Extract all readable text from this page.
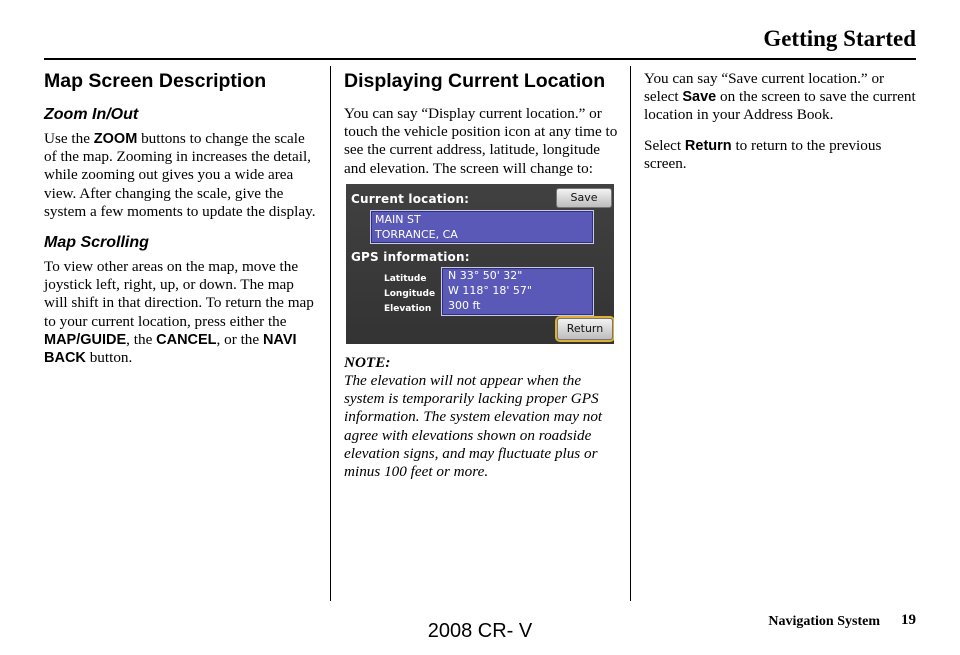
Getting Started
Map Screen Description
Zoom In/Out

Use the ZOOM buttons to change the scale of the map. Zooming in increases the detail, while zooming out gives you a wide area view. After changing the scale, give the system a few moments to update the display.

Map Scrolling

To view other areas on the map, move the joystick left, right, up, or down. The map will shift in that direction. To return the map to your current location, press either the MAP/GUIDE, the CANCEL, or the NAVI BACK button.

Displaying Current Location

You can say “Display current location.” or touch the vehicle position icon at any time to see the current address, latitude, longitude and elevation. The screen will change to:

Current location:	Save
MAIN ST
TORRANCE, CA
GPS information:
Latitude
Longitude
Elevation
N 33° 50' 32"
W 118° 18' 57"
300 ft
Return
NOTE:

The elevation will not appear when the system is temporarily lacking proper GPS information. The system elevation may not agree with elevations shown on roadside elevation signs, and may fluctuate plus or minus 100 feet or more.

You can say “Save current location.” or select Save on the screen to save the current location in your Address Book.

Select Return to return to the previous screen.

Navigation System 19
2008 CR- V
